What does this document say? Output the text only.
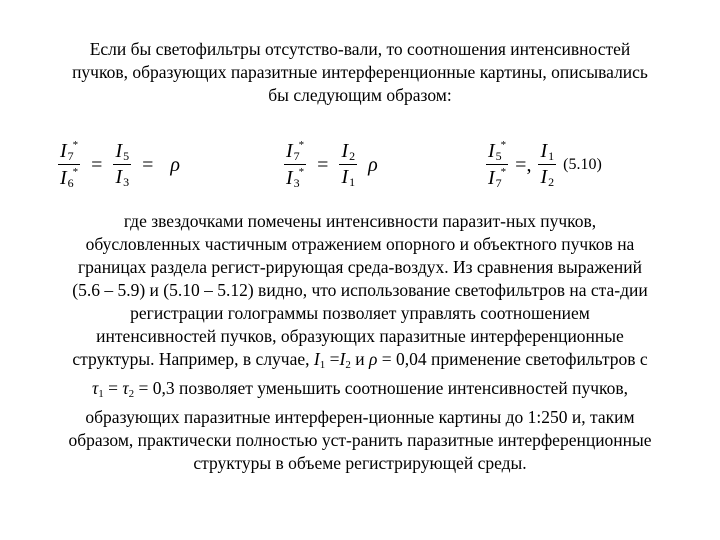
Если бы светофильтры отсутство-вали, то соотношения интенсивностей
пучков, образующих паразитные интерференционные картины, описывались
бы следующим образом:
$\frac{I_7^*}{I_6^*} = \frac{I_5}{I_3} = \rho$	$\frac{I_7^*}{I_3^*} = \frac{I_2}{I_1}$ ρ	$\frac{I_5^*}{I_7^*}$ =, $\frac{I_1}{I_2} (5.10)$
где звездочками помечены интенсивности паразит-ных пучков,
обусловленных частичным отражением опорного и объектного пучков на
границах раздела регист-рирующая среда-воздух. Из сравнения выражений
(5.6 – 5.9) и (5.10 – 5.12) видно, что использование светофильтров на ста-дии
регистрации голограммы позволяет управлять соотношением
интенсивностей пучков, образующих паразитные интерференционные
структуры. Например, в случае, I1 =I2 и ρ = 0,04 применение светофильтров с
τ1 = τ2 = 0,3 позволяет уменьшить соотношение интенсивностей пучков,
образующих паразитные интерферен-ционные картины до 1:250 и, таким
образом, практически полностью уст-ранить паразитные интерференционные
структуры в объеме регистрирующей среды.
